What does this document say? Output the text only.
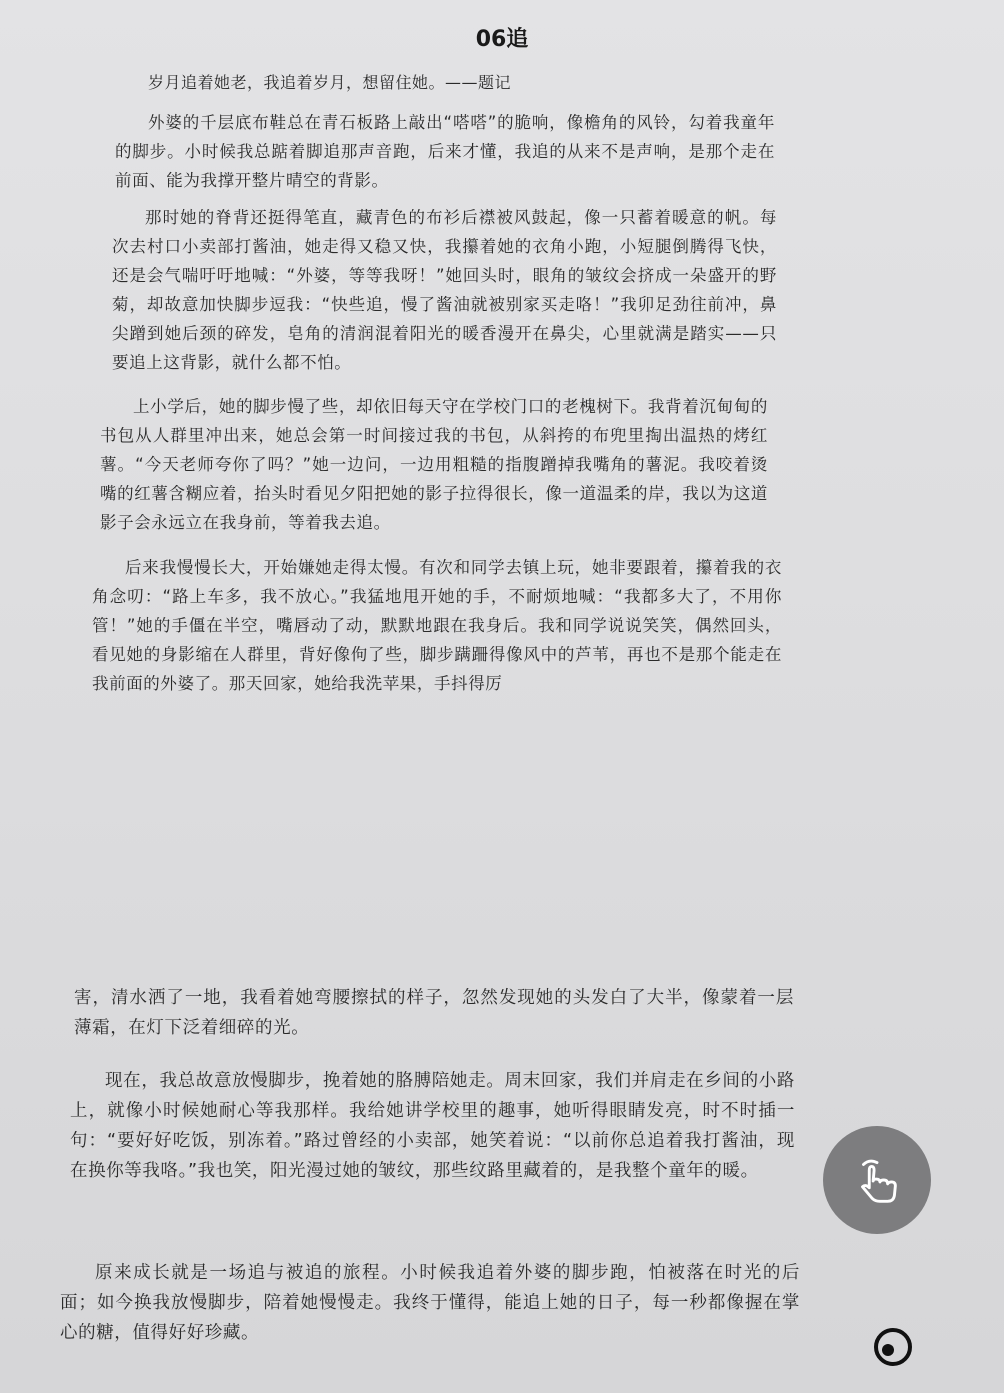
06追
岁月追着她老，我追着岁月，想留住她。——题记

外婆的千层底布鞋总在青石板路上敲出“嗒嗒”的脆响，像檐角的风铃，勾着我童年的脚步。小时候我总踮着脚追那声音跑，后来才懂，我追的从来不是声响，是那个走在前面、能为我撑开整片晴空的背影。

那时她的脊背还挺得笔直，藏青色的布衫后襟被风鼓起，像一只蓄着暖意的帆。每次去村口小卖部打酱油，她走得又稳又快，我攥着她的衣角小跑，小短腿倒腾得飞快，还是会气喘吁吁地喊：“外婆，等等我呀！”她回头时，眼角的皱纹会挤成一朵盛开的野菊，却故意加快脚步逗我：“快些追，慢了酱油就被别家买走咯！”我卯足劲往前冲，鼻尖蹭到她后颈的碎发，皂角的清润混着阳光的暖香漫开在鼻尖，心里就满是踏实——只要追上这背影，就什么都不怕。

上小学后，她的脚步慢了些，却依旧每天守在学校门口的老槐树下。我背着沉甸甸的书包从人群里冲出来，她总会第一时间接过我的书包，从斜挎的布兜里掏出温热的烤红薯。“今天老师夸你了吗？”她一边问，一边用粗糙的指腹蹭掉我嘴角的薯泥。我咬着烫嘴的红薯含糊应着，抬头时看见夕阳把她的影子拉得很长，像一道温柔的岸，我以为这道影子会永远立在我身前，等着我去追。

后来我慢慢长大，开始嫌她走得太慢。有次和同学去镇上玩，她非要跟着，攥着我的衣角念叨：“路上车多，我不放心。”我猛地甩开她的手，不耐烦地喊：“我都多大了，不用你管！”她的手僵在半空，嘴唇动了动，默默地跟在我身后。我和同学说说笑笑，偶然回头，看见她的身影缩在人群里，背好像佝了些，脚步蹒跚得像风中的芦苇，再也不是那个能走在我前面的外婆了。那天回家，她给我洗苹果，手抖得厉

害，清水洒了一地，我看着她弯腰擦拭的样子，忽然发现她的头发白了大半，像蒙着一层薄霜，在灯下泛着细碎的光。

现在，我总故意放慢脚步，挽着她的胳膊陪她走。周末回家，我们并肩走在乡间的小路上，就像小时候她耐心等我那样。我给她讲学校里的趣事，她听得眼睛发亮，时不时插一句：“要好好吃饭，别冻着。”路过曾经的小卖部，她笑着说：“以前你总追着我打酱油，现在换你等我咯。”我也笑，阳光漫过她的皱纹，那些纹路里藏着的，是我整个童年的暖。

原来成长就是一场追与被追的旅程。小时候我追着外婆的脚步跑，怕被落在时光的后面；如今换我放慢脚步，陪着她慢慢走。我终于懂得，能追上她的日子，每一秒都像握在掌心的糖，值得好好珍藏。
